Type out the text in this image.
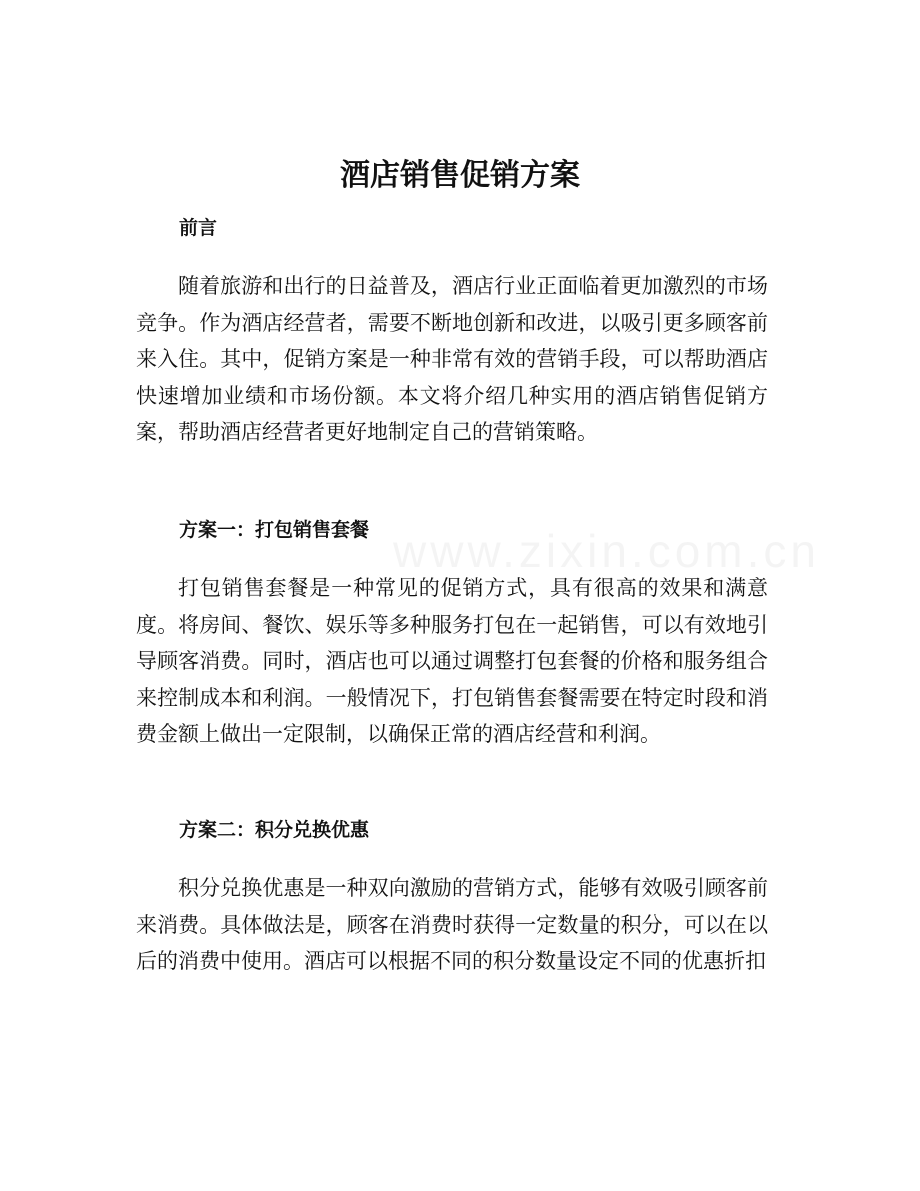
酒店销售促销方案
前言

随着旅游和出行的日益普及，酒店行业正面临着更加激烈的市场竞争。作为酒店经营者，需要不断地创新和改进，以吸引更多顾客前来入住。其中，促销方案是一种非常有效的营销手段，可以帮助酒店快速增加业绩和市场份额。本文将介绍几种实用的酒店销售促销方案，帮助酒店经营者更好地制定自己的营销策略。

方案一：打包销售套餐

打包销售套餐是一种常见的促销方式，具有很高的效果和满意度。将房间、餐饮、娱乐等多种服务打包在一起销售，可以有效地引导顾客消费。同时，酒店也可以通过调整打包套餐的价格和服务组合来控制成本和利润。一般情况下，打包销售套餐需要在特定时段和消费金额上做出一定限制，以确保正常的酒店经营和利润。

方案二：积分兑换优惠

积分兑换优惠是一种双向激励的营销方式，能够有效吸引顾客前来消费。具体做法是，顾客在消费时获得一定数量的积分，可以在以后的消费中使用。酒店可以根据不同的积分数量设定不同的优惠折扣
